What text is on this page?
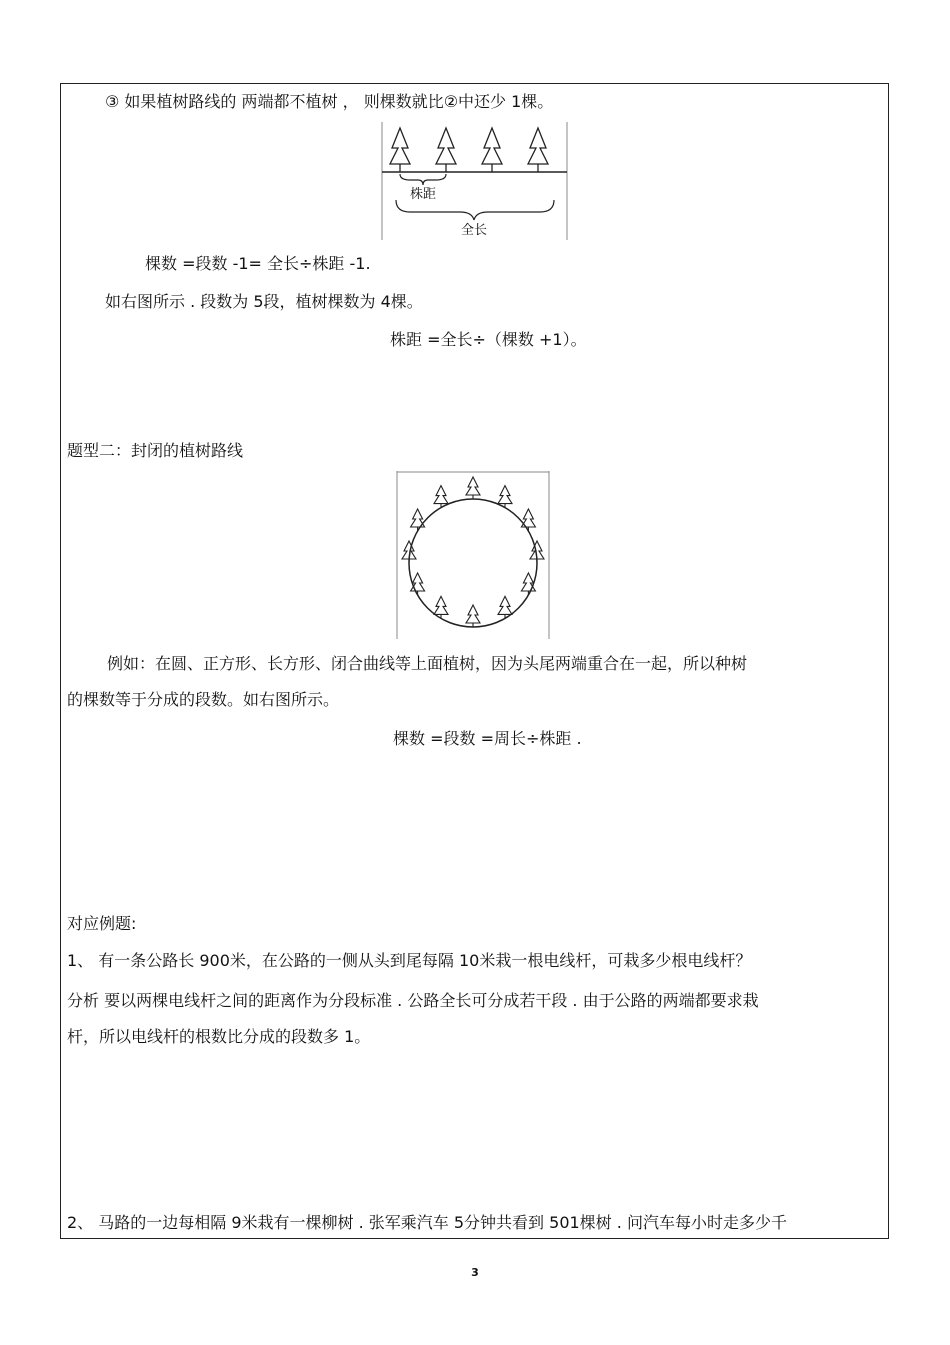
③ 如果植树路线的 两端都不植树 ， 则棵数就比②中还少 1棵。
株距
全长
棵数 =段数 -1= 全长÷株距 -1.
如右图所示 . 段数为 5段，植树棵数为 4棵。
株距 =全长÷（棵数 +1）。
题型二：封闭的植树路线
例如：在圆、正方形、长方形、闭合曲线等上面植树，因为头尾两端重合在一起，所以种树
的棵数等于分成的段数。如右图所示。
棵数 =段数 =周长÷株距 .
对应例题:
1、 有一条公路长 900米，在公路的一侧从头到尾每隔 10米栽一根电线杆，可栽多少根电线杆？
分析 要以两棵电线杆之间的距离作为分段标准 . 公路全长可分成若干段 . 由于公路的两端都要求栽
杆，所以电线杆的根数比分成的段数多 1。
2、 马路的一边每相隔 9米栽有一棵柳树 . 张军乘汽车 5分钟共看到 501棵树 . 问汽车每小时走多少千
3
